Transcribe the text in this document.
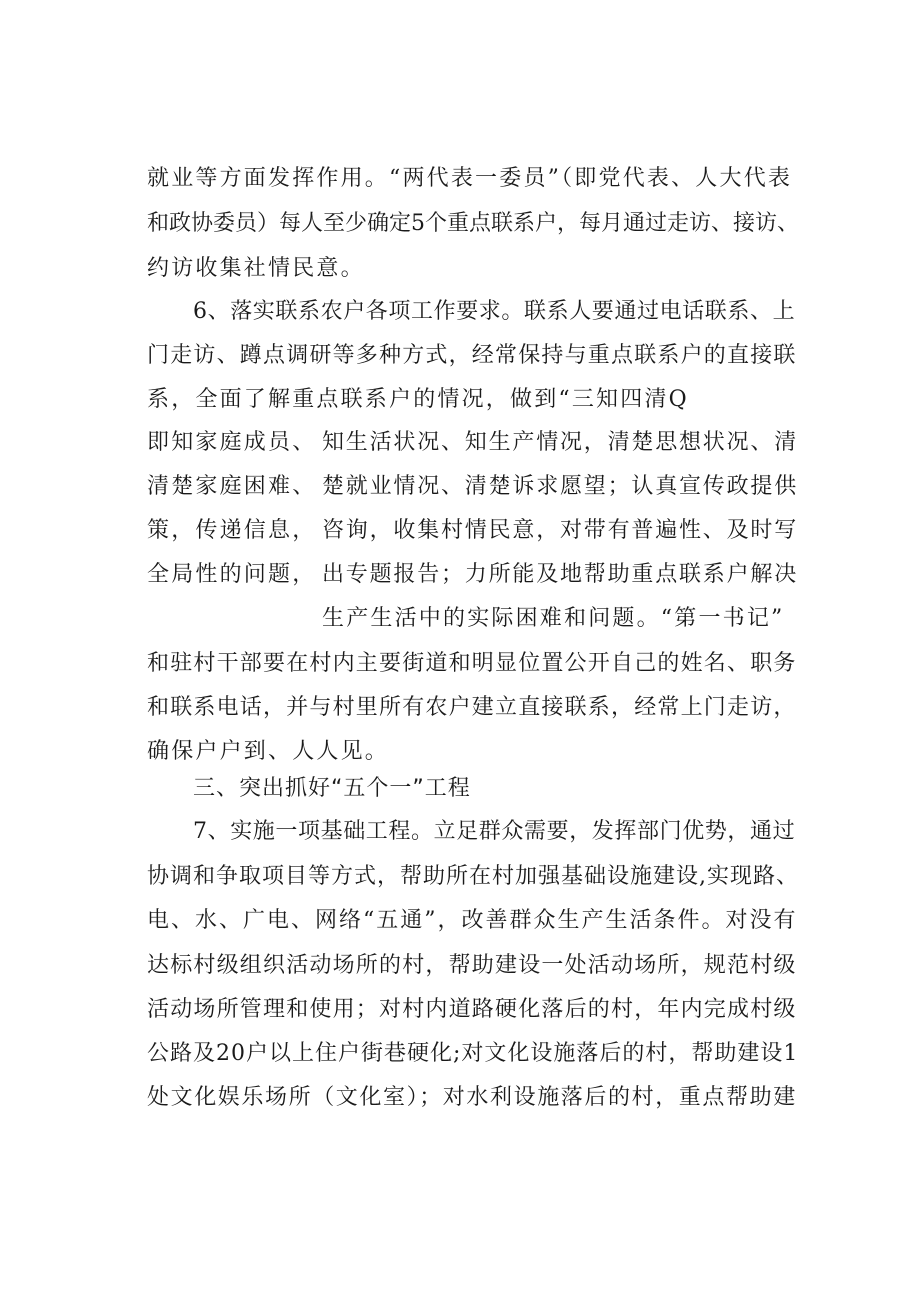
就业等方面发挥作用。“两代表一委员”（即党代表、人大代表
和政协委员）每人至少确定5个重点联系户，每月通过走访、接访、
约访收集社情民意。
6、落实联系农户各项工作要求。联系人要通过电话联系、上
门走访、蹲点调研等多种方式，经常保持与重点联系户的直接联
系，全面了解重点联系户的情况，做到“三知四清Q
即知家庭成员、
清楚家庭困难、
策，传递信息，
全局性的问题，
知生活状况、知生产情况，清楚思想状况、清
楚就业情况、清楚诉求愿望；认真宣传政提供
咨询，收集村情民意，对带有普遍性、及时写
出专题报告；力所能及地帮助重点联系户解决
生产生活中的实际困难和问题。“第一书记”
和驻村干部要在村内主要街道和明显位置公开自己的姓名、职务
和联系电话，并与村里所有农户建立直接联系，经常上门走访，
确保户户到、人人见。
三、突出抓好“五个一”工程
7、实施一项基础工程。立足群众需要，发挥部门优势，通过
协调和争取项目等方式，帮助所在村加强基础设施建设,实现路、
电、水、广电、网络“五通”，改善群众生产生活条件。对没有
达标村级组织活动场所的村，帮助建设一处活动场所，规范村级
活动场所管理和使用；对村内道路硬化落后的村，年内完成村级
公路及20户以上住户街巷硬化;对文化设施落后的村，帮助建设1
处文化娱乐场所（文化室）；对水利设施落后的村，重点帮助建
